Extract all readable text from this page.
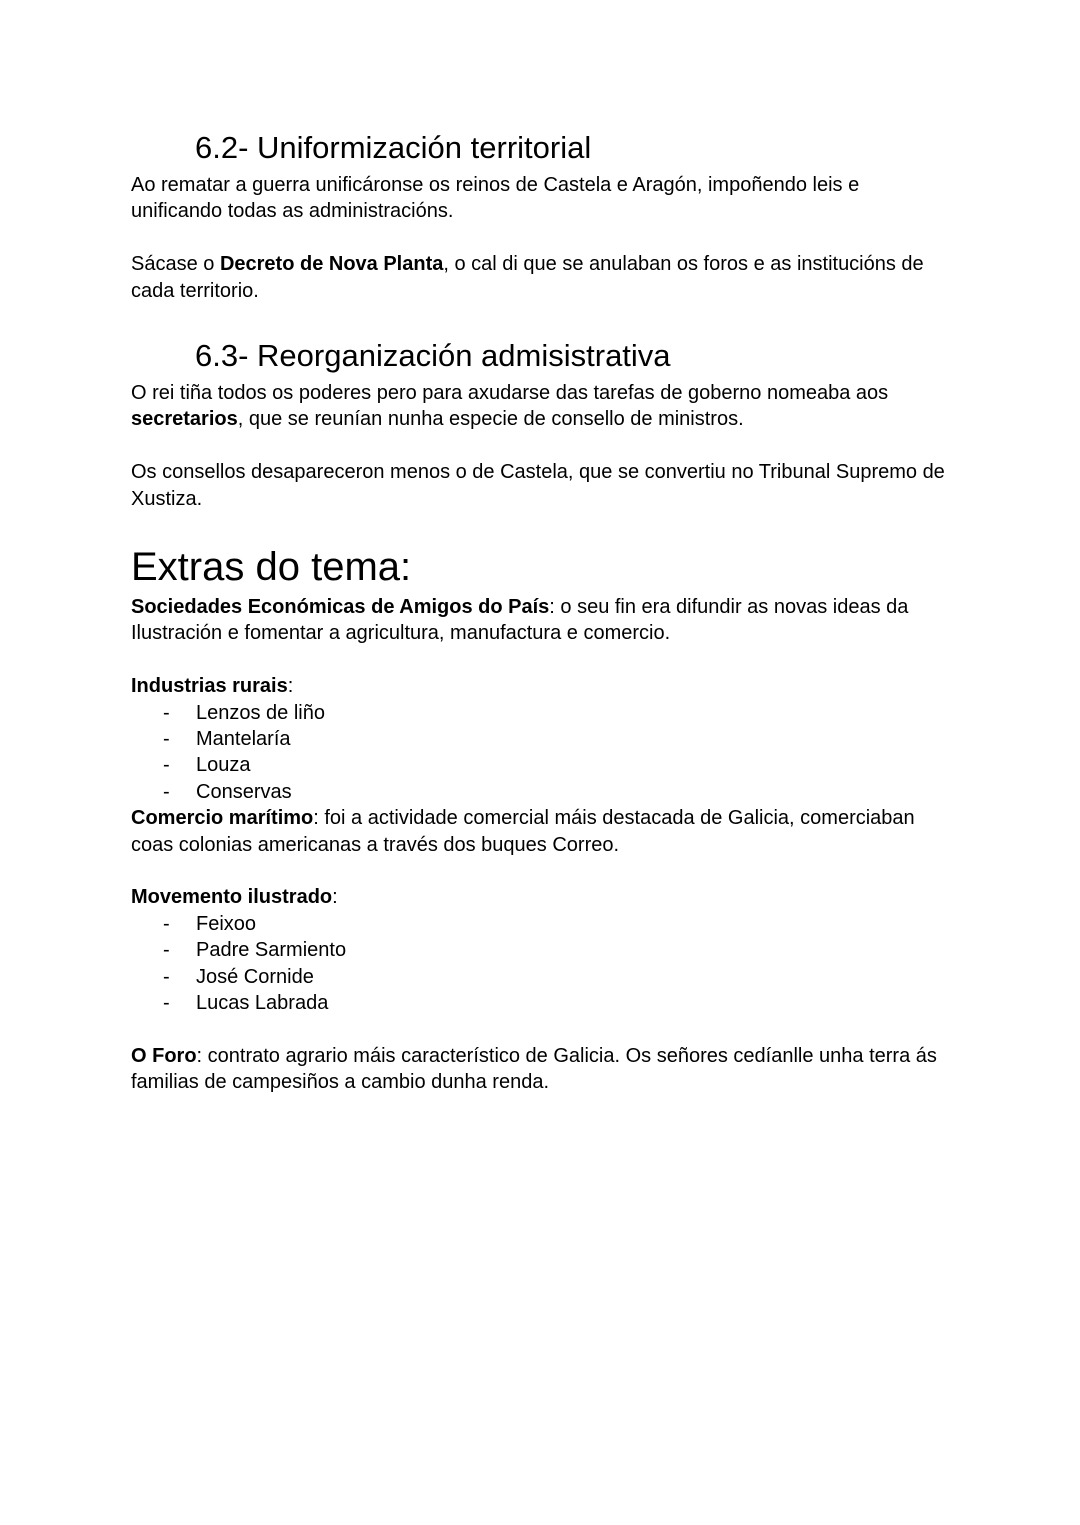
6.2- Uniformización territorial

Ao rematar a guerra unificáronse os reinos de Castela e Aragón, impoñendo leis e unificando todas as administracións.

Sácase o Decreto de Nova Planta, o cal di que se anulaban os foros e as institucións de cada territorio.

6.3- Reorganización admisistrativa

O rei tiña todos os poderes pero para axudarse das tarefas de goberno nomeaba aos secretarios, que se reunían nunha especie de consello de ministros.

Os consellos desapareceron menos o de Castela, que se convertiu no Tribunal Supremo de Xustiza.

Extras do tema:

Sociedades Económicas de Amigos do País: o seu fin era difundir as novas ideas da Ilustración e fomentar a agricultura, manufactura e comercio.

Industrias rurais:

- Lenzos de liño
- Mantelaría
- Louza
- Conservas

Comercio marítimo: foi a actividade comercial máis destacada de Galicia, comerciaban coas colonias americanas a través dos buques Correo.

Movemento ilustrado:

- Feixoo
- Padre Sarmiento
- José Cornide
- Lucas Labrada

O Foro: contrato agrario máis característico de Galicia. Os señores cedíanlle unha terra ás familias de campesiños a cambio dunha renda.
